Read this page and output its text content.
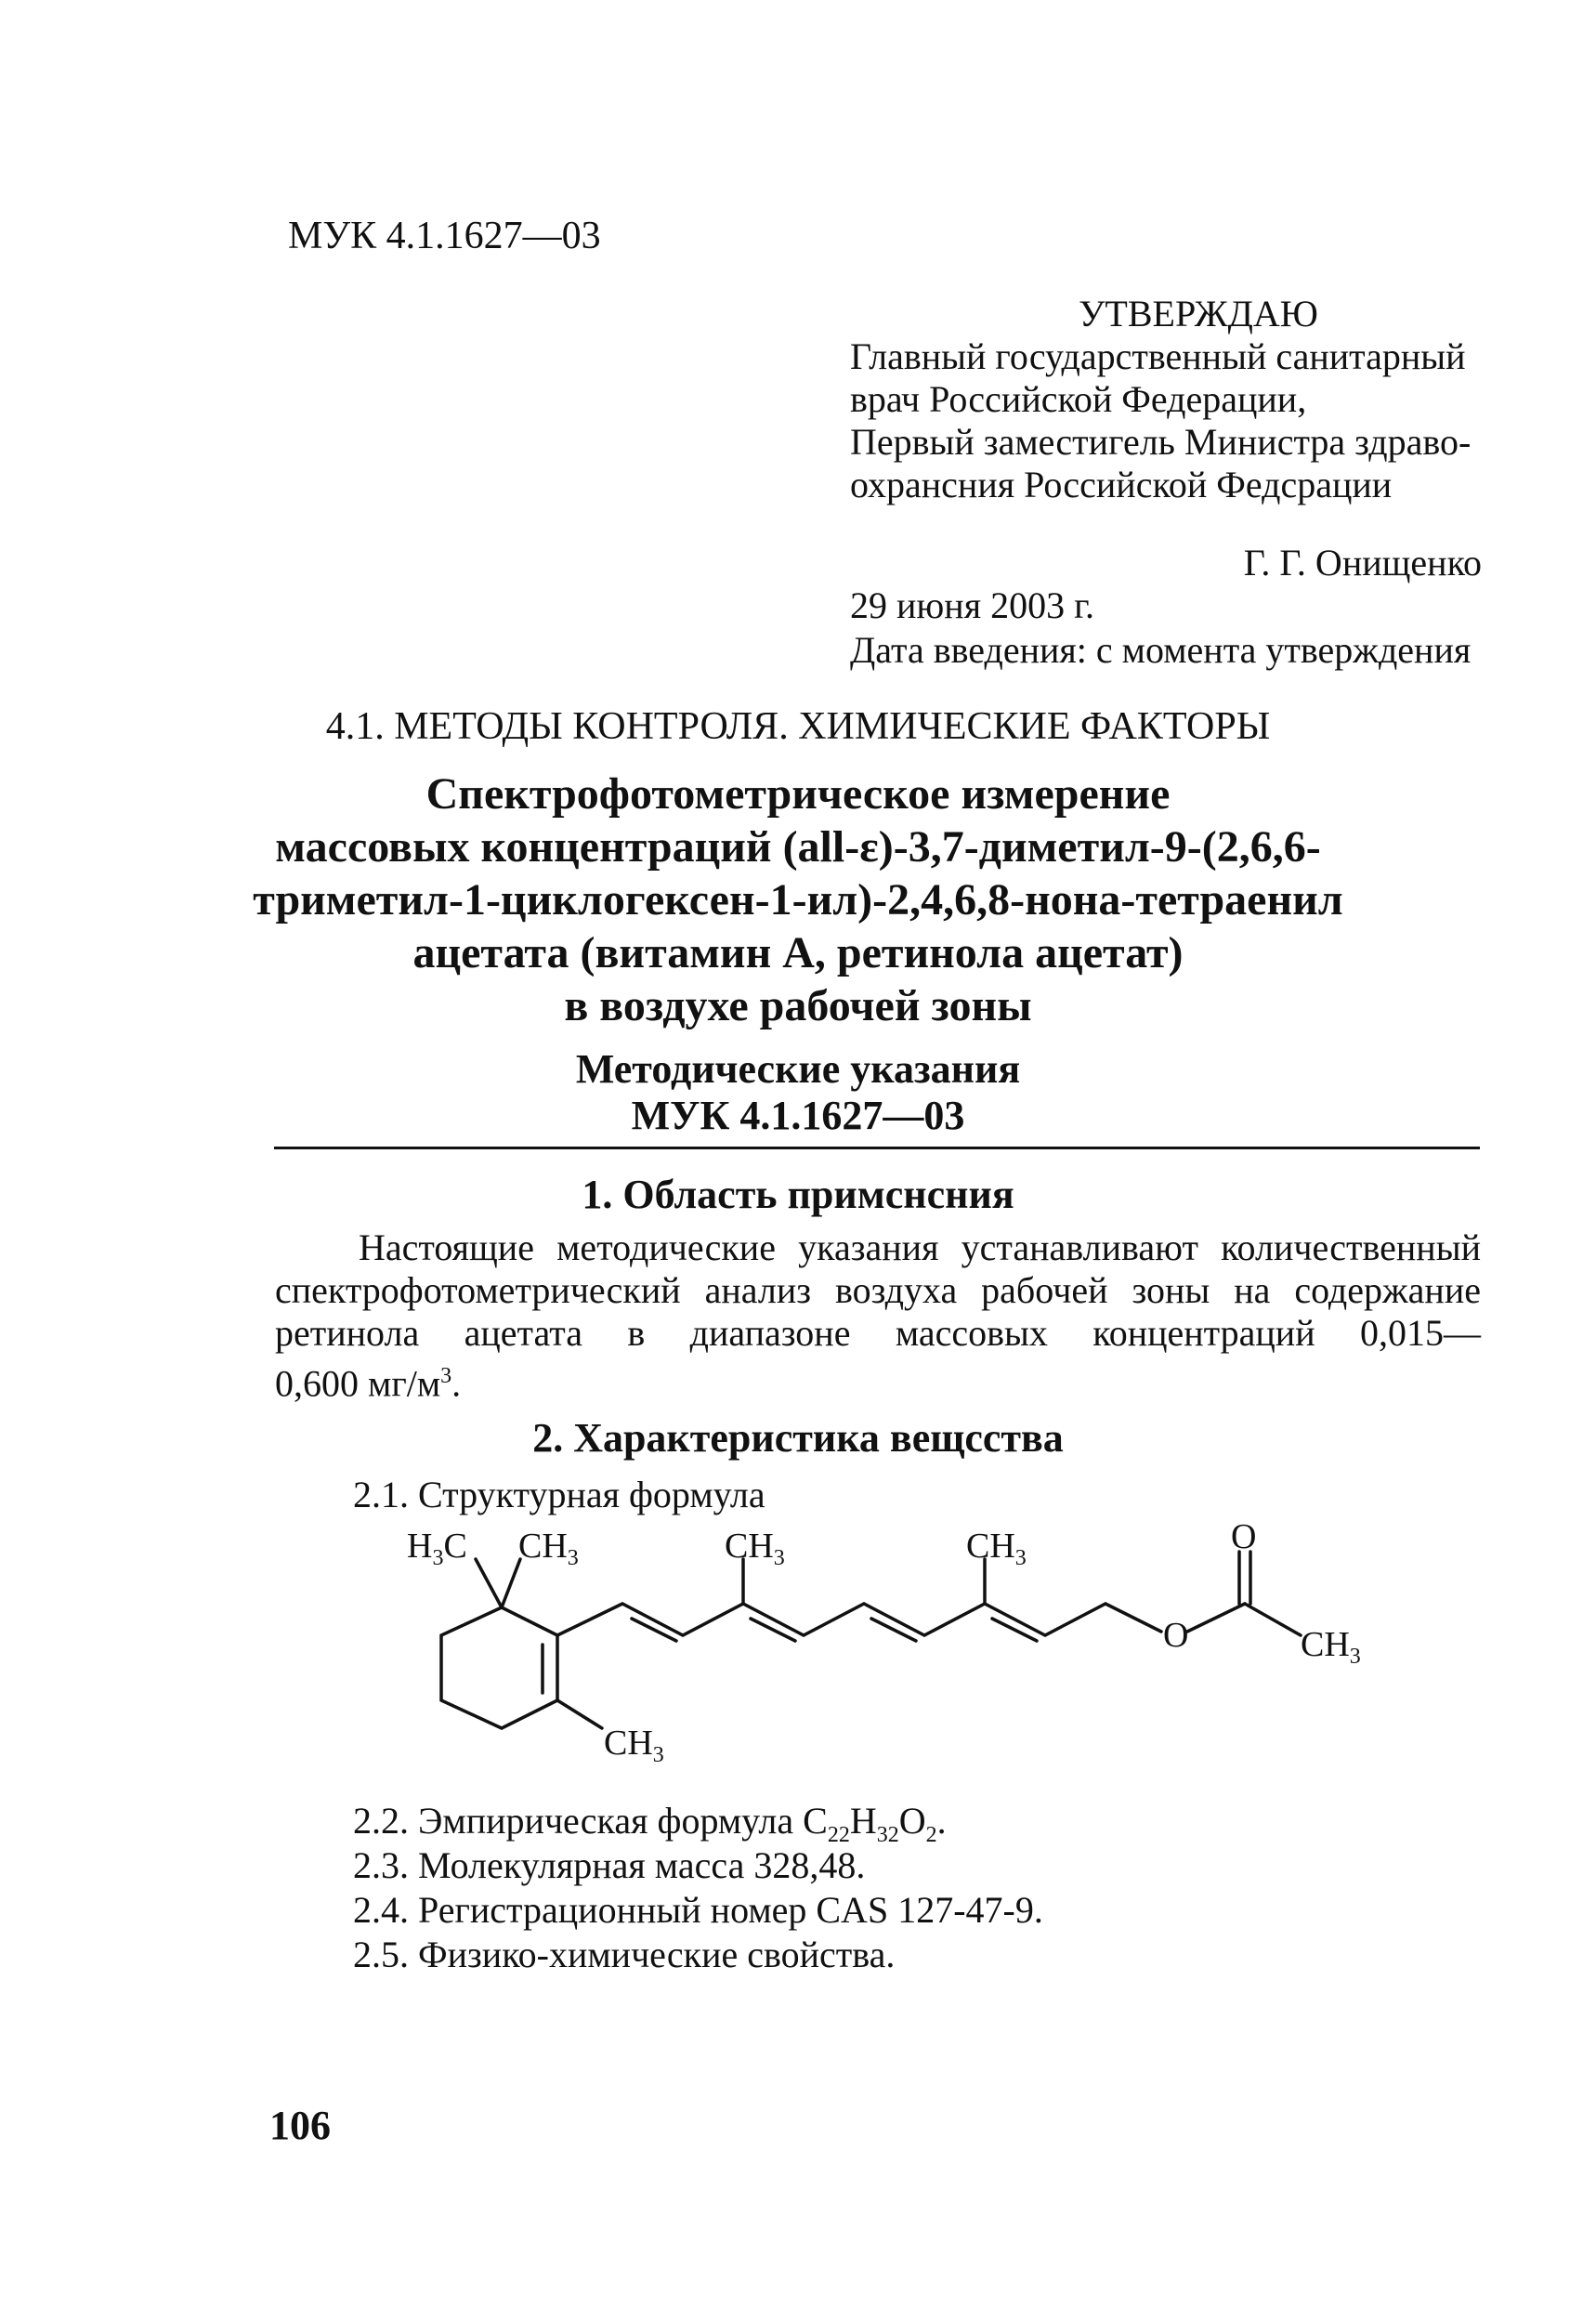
МУК 4.1.1627—03
УТВЕРЖДАЮ
Главный государственный санитарный
врач Российской Федерации,
Первый заместигель Министра здраво-
охрансния Российской Федсрации
Г. Г. Онищенко
29 июня 2003 г.
Дата введения: с момента утверждения
4.1. МЕТОДЫ КОНТРОЛЯ. ХИМИЧЕСКИЕ ФАКТОРЫ
Спектрофотометрическое измерение
массовых концентраций (all-ε)-3,7-диметил-9-(2,6,6-
триметил-1-циклогексен-1-ил)-2,4,6,8-нона-тетраенил
ацетата (витамин А, ретинола ацетат)
в воздухе рабочей зоны
Методические указания
МУК 4.1.1627—03
1. Область примснсния
Настоящие методические указания устанавливают количественный
спектрофотометрический анализ воздуха рабочей зоны на содержание
ретинола ацетата в диапазоне массовых концентраций 0,015—
0,600 $мг/м^3$.
2. Характеристика вещсства
2.1. Структурная формула
$H_3C$ $CH_3$	$CH_3$	$CH_3$
O
O	$CH_3$
$CH_3$
2.2. Эмпирическая формула $C_{22}H_{32}O_2$.
2.3. Молекулярная масса 328,48.
2.4. Регистрационный номер CAS 127-47-9.
2.5. Физико-химические свойства.
106
